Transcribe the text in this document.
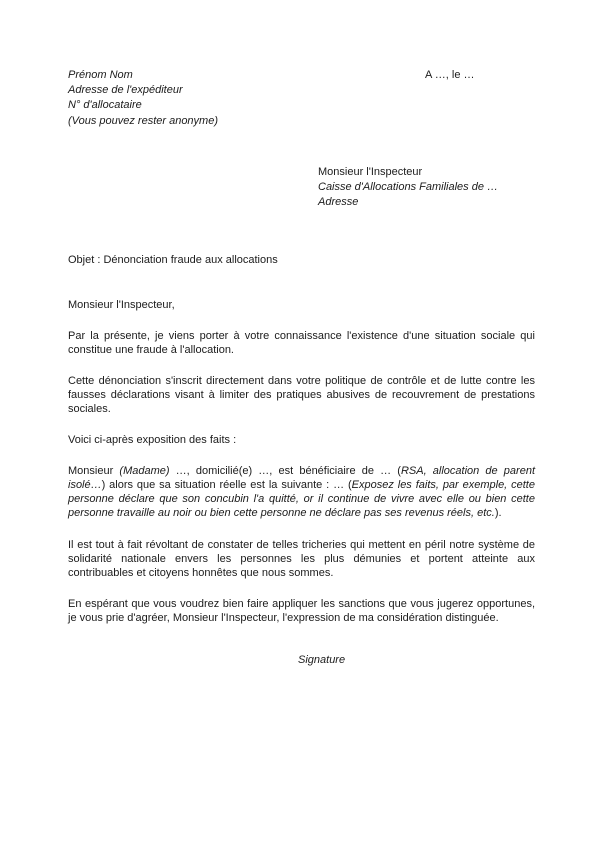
Prénom Nom
Adresse de l'expéditeur
N° d'allocataire
(Vous pouvez rester anonyme)
A …, le …
Monsieur l'Inspecteur
Caisse d'Allocations Familiales de …
Adresse
Objet : Dénonciation fraude aux allocations
Monsieur l'Inspecteur,

Par la présente, je viens porter à votre connaissance l'existence d'une situation sociale qui constitue une fraude à l'allocation.

Cette dénonciation s'inscrit directement dans votre politique de contrôle et de lutte contre les fausses déclarations visant à limiter des pratiques abusives de recouvrement de prestations sociales.

Voici ci-après exposition des faits :

Monsieur (Madame) …, domicilié(e) …, est bénéficiaire de … (RSA, allocation de parent isolé…) alors que sa situation réelle est la suivante : … (Exposez les faits, par exemple, cette personne déclare que son concubin l'a quitté, or il continue de vivre avec elle ou bien cette personne travaille au noir ou bien cette personne ne déclare pas ses revenus réels, etc.).

Il est tout à fait révoltant de constater de telles tricheries qui mettent en péril notre système de solidarité nationale envers les personnes les plus démunies et portent atteinte aux contribuables et citoyens honnêtes que nous sommes.

En espérant que vous voudrez bien faire appliquer les sanctions que vous jugerez opportunes, je vous prie d'agréer, Monsieur l'Inspecteur, l'expression de ma considération distinguée.

Signature
